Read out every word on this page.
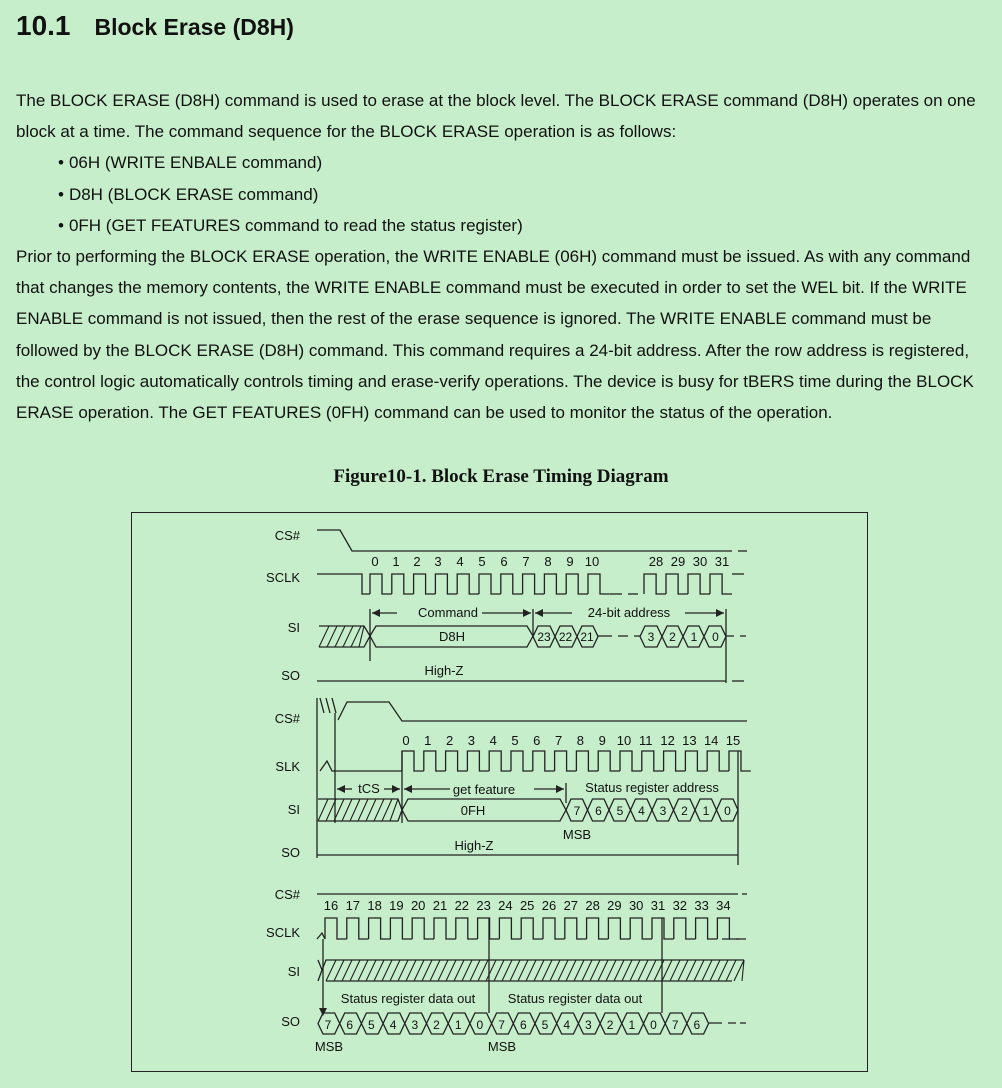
10.1 Block Erase (D8H)

The BLOCK ERASE (D8H) command is used to erase at the block level. The BLOCK ERASE command (D8H) operates on one block at a time. The command sequence for the BLOCK ERASE operation is as follows:

• 06H (WRITE ENBALE command)
• D8H (BLOCK ERASE command)
• 0FH (GET FEATURES command to read the status register)

Prior to performing the BLOCK ERASE operation, the WRITE ENABLE (06H) command must be issued. As with any command that changes the memory contents, the WRITE ENABLE command must be executed in order to set the WEL bit. If the WRITE ENABLE command is not issued, then the rest of the erase sequence is ignored. The WRITE ENABLE command must be followed by the BLOCK ERASE (D8H) command. This command requires a 24-bit address. After the row address is registered, the control logic automatically controls timing and erase-verify operations. The device is busy for tBERS time during the BLOCK ERASE operation. The GET FEATURES (0FH) command can be used to monitor the status of the operation.

Figure10-1. Block Erase Timing Diagram
CS#
SCLK
SI
SO
0 1 2 3 4 5 6 7 8 9 10	28 29 30 31
Command	24-bit address
D8H	23 22 21	3 2 1 0
High-Z
CS#
SLK
SI
SO
0 1 2 3 4 5 6 7 8 9 10 11 12 13 14 15
tCS	get feature	Status register address
0FH	7 6 5 4 3 2 1 0
MSB
High-Z
CS#
SCLK
SI
SO
16 17 18 19 20 21 22 23 24 25 26 27 28 29 30 31 32 33 34
Status register data out	Status register data out
7 6 5 4 3 2 1 0 7 6 5 4 3 2 1 0 7 6
MSB	MSB
